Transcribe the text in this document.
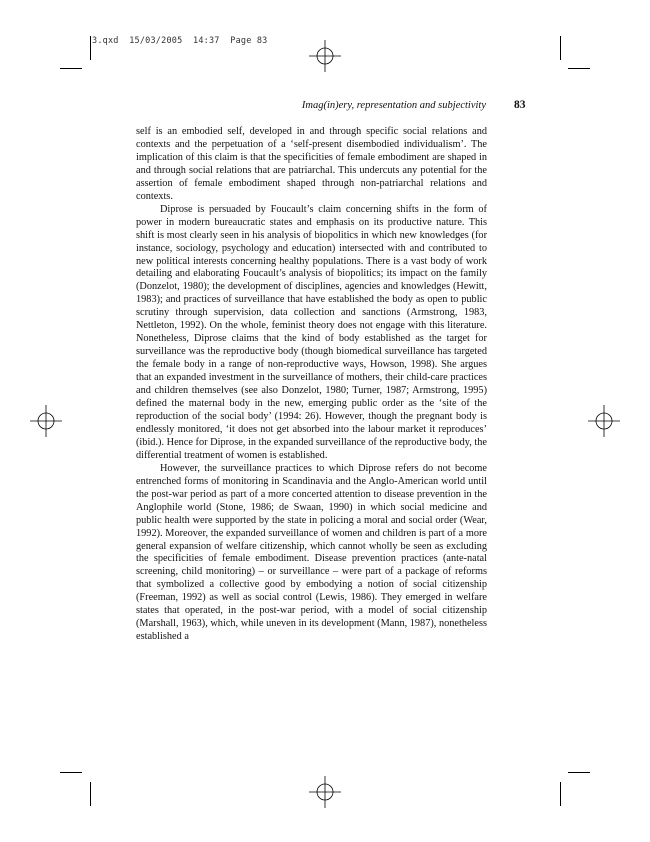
3.qxd  15/03/2005  14:37  Page 83
Imag(in)ery, representation and subjectivity 83

self is an embodied self, developed in and through specific social relations and contexts and the perpetuation of a ‘self-present disembodied individualism’. The implication of this claim is that the specificities of female embodiment are shaped in and through social relations that are patriarchal. This undercuts any potential for the assertion of female embodiment shaped through non-patriarchal relations and contexts.

Diprose is persuaded by Foucault’s claim concerning shifts in the form of power in modern bureaucratic states and emphasis on its productive nature. This shift is most clearly seen in his analysis of biopolitics in which new knowledges (for instance, sociology, psychology and education) intersected with and contributed to new political interests concerning healthy populations. There is a vast body of work detailing and elaborating Foucault’s analysis of biopolitics; its impact on the family (Donzelot, 1980); the development of disciplines, agencies and knowledges (Hewitt, 1983); and practices of surveillance that have established the body as open to public scrutiny through supervision, data collection and sanctions (Armstrong, 1983, Nettleton, 1992). On the whole, feminist theory does not engage with this literature. Nonetheless, Diprose claims that the kind of body established as the target for surveillance was the reproductive body (though biomedical surveillance has targeted the female body in a range of non-reproductive ways, Howson, 1998). She argues that an expanded investment in the surveillance of mothers, their child-care practices and children themselves (see also Donzelot, 1980; Turner, 1987; Armstrong, 1995) defined the maternal body in the new, emerging public order as the ‘site of the reproduction of the social body’ (1994: 26). However, though the pregnant body is endlessly monitored, ‘it does not get absorbed into the labour market it reproduces’ (ibid.). Hence for Diprose, in the expanded surveillance of the reproductive body, the differential treatment of women is established.

However, the surveillance practices to which Diprose refers do not become entrenched forms of monitoring in Scandinavia and the Anglo-American world until the post-war period as part of a more concerted attention to disease prevention in the Anglophile world (Stone, 1986; de Swaan, 1990) in which social medicine and public health were supported by the state in policing a moral and social order (Wear, 1992). Moreover, the expanded surveillance of women and children is part of a more general expansion of welfare citizenship, which cannot wholly be seen as excluding the specificities of female embodiment. Disease prevention practices (ante-natal screening, child monitoring) – or surveillance – were part of a package of reforms that symbolized a collective good by embodying a notion of social citizenship (Freeman, 1992) as well as social control (Lewis, 1986). They emerged in welfare states that operated, in the post-war period, with a model of social citizenship (Marshall, 1963), which, while uneven in its development (Mann, 1987), nonetheless established a
